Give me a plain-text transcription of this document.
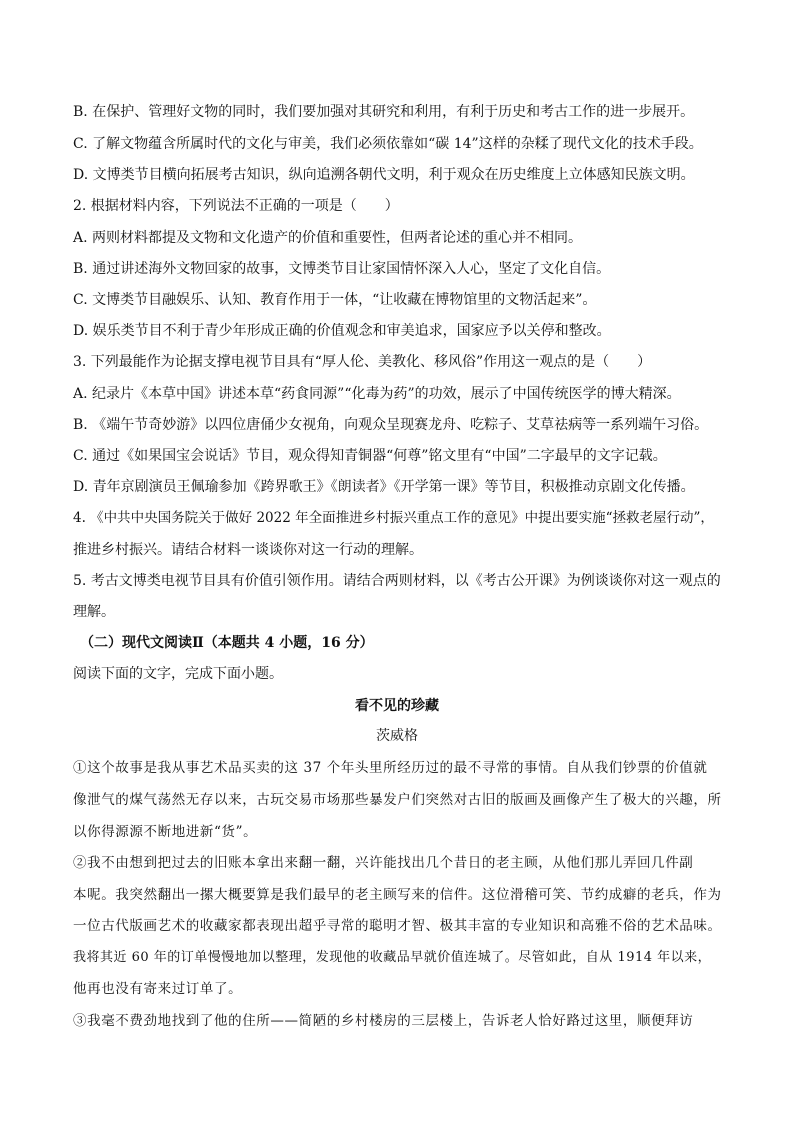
B. 在保护、管理好文物的同时，我们要加强对其研究和利用，有利于历史和考古工作的进一步展开。
C. 了解文物蕴含所属时代的文化与审美，我们必须依靠如“碳 14”这样的杂糅了现代文化的技术手段。
D. 文博类节目横向拓展考古知识，纵向追溯各朝代文明，利于观众在历史维度上立体感知民族文明。
2. 根据材料内容，下列说法不正确的一项是（　　）
A. 两则材料都提及文物和文化遗产的价值和重要性，但两者论述的重心并不相同。
B. 通过讲述海外文物回家的故事，文博类节目让家国情怀深入人心，坚定了文化自信。
C. 文博类节目融娱乐、认知、教育作用于一体，“让收藏在博物馆里的文物活起来”。
D. 娱乐类节目不利于青少年形成正确的价值观念和审美追求，国家应予以关停和整改。
3. 下列最能作为论据支撑电视节目具有“厚人伦、美教化、移风俗”作用这一观点的是（　　）
A. 纪录片《本草中国》讲述本草“药食同源”“化毒为药”的功效，展示了中国传统医学的博大精深。
B. 《端午节奇妙游》以四位唐俑少女视角，向观众呈现赛龙舟、吃粽子、艾草祛病等一系列端午习俗。
C. 通过《如果国宝会说话》节目，观众得知青铜器“何尊”铭文里有“中国”二字最早的文字记载。
D. 青年京剧演员王佩瑜参加《跨界歌王》《朗读者》《开学第一课》等节目，积极推动京剧文化传播。
4. 《中共中央国务院关于做好 2022 年全面推进乡村振兴重点工作的意见》中提出要实施“拯救老屋行动”，
推进乡村振兴。请结合材料一谈谈你对这一行动的理解。
5. 考古文博类电视节目具有价值引领作用。请结合两则材料，以《考古公开课》为例谈谈你对这一观点的
理解。
（二）现代文阅读Ⅱ（本题共 4 小题，16 分）
阅读下面的文字，完成下面小题。
看不见的珍藏
茨威格
①这个故事是我从事艺术品买卖的这 37 个年头里所经历过的最不寻常的事情。自从我们钞票的价值就
像泄气的煤气荡然无存以来，古玩交易市场那些暴发户们突然对古旧的版画及画像产生了极大的兴趣，所
以你得源源不断地进新“货”。
②我不由想到把过去的旧账本拿出来翻一翻，兴许能找出几个昔日的老主顾，从他们那儿弄回几件副
本呢。我突然翻出一摞大概要算是我们最早的老主顾写来的信件。这位滑稽可笑、节约成癖的老兵，作为
一位古代版画艺术的收藏家都表现出超乎寻常的聪明才智、极其丰富的专业知识和高雅不俗的艺术品味。
我将其近 60 年的订单慢慢地加以整理，发现他的收藏品早就价值连城了。尽管如此，自从 1914 年以来，
他再也没有寄来过订单了。
③我毫不费劲地找到了他的住所——简陋的乡村楼房的三层楼上，告诉老人恰好路过这里，顺便拜访
